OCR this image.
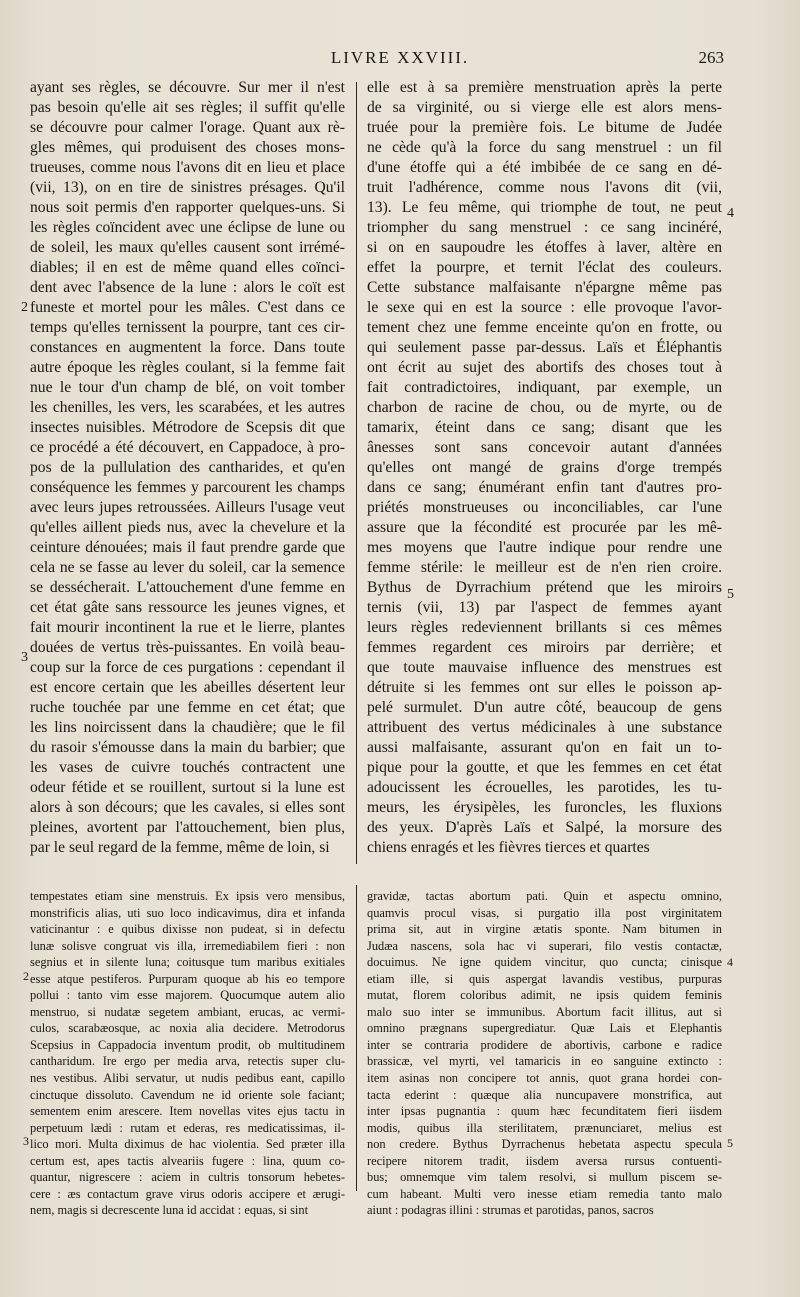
LIVRE XXVIII.	263
ayant ses règles, se découvre. Sur mer il n'est
pas besoin qu'elle ait ses règles; il suffit qu'elle
se découvre pour calmer l'orage. Quant aux rè-
gles mêmes, qui produisent des choses mons-
trueuses, comme nous l'avons dit en lieu et place
(vii, 13), on en tire de sinistres présages. Qu'il
nous soit permis d'en rapporter quelques-uns. Si
les règles coïncident avec une éclipse de lune ou
de soleil, les maux qu'elles causent sont irrémé-
diables; il en est de même quand elles coïnci-
dent avec l'absence de la lune : alors le coït est
funeste et mortel pour les mâles. C'est dans ce
temps qu'elles ternissent la pourpre, tant ces cir-
constances en augmentent la force. Dans toute
autre époque les règles coulant, si la femme fait
nue le tour d'un champ de blé, on voit tomber
les chenilles, les vers, les scarabées, et les autres
insectes nuisibles. Métrodore de Scepsis dit que
ce procédé a été découvert, en Cappadoce, à pro-
pos de la pullulation des cantharides, et qu'en
conséquence les femmes y parcourent les champs
avec leurs jupes retroussées. Ailleurs l'usage veut
qu'elles aillent pieds nus, avec la chevelure et la
ceinture dénouées; mais il faut prendre garde que
cela ne se fasse au lever du soleil, car la semence
se dessécherait. L'attouchement d'une femme en
cet état gâte sans ressource les jeunes vignes, et
fait mourir incontinent la rue et le lierre, plantes
douées de vertus très-puissantes. En voilà beau-
coup sur la force de ces purgations : cependant il
est encore certain que les abeilles désertent leur
ruche touchée par une femme en cet état; que
les lins noircissent dans la chaudière; que le fil
du rasoir s'émousse dans la main du barbier; que
les vases de cuivre touchés contractent une
odeur fétide et se rouillent, surtout si la lune est
alors à son décours; que les cavales, si elles sont
pleines, avortent par l'attouchement, bien plus,
par le seul regard de la femme, même de loin, si
elle est à sa première menstruation après la perte
de sa virginité, ou si vierge elle est alors mens-
truée pour la première fois. Le bitume de Judée
ne cède qu'à la force du sang menstruel : un fil
d'une étoffe qui a été imbibée de ce sang en dé-
truit l'adhérence, comme nous l'avons dit (vii,
13). Le feu même, qui triomphe de tout, ne peut
triompher du sang menstruel : ce sang incinéré,
si on en saupoudre les étoffes à laver, altère en
effet la pourpre, et ternit l'éclat des couleurs.
Cette substance malfaisante n'épargne même pas
le sexe qui en est la source : elle provoque l'avor-
tement chez une femme enceinte qu'on en frotte, ou
qui seulement passe par-dessus. Laïs et Éléphantis
ont écrit au sujet des abortifs des choses tout à
fait contradictoires, indiquant, par exemple, un
charbon de racine de chou, ou de myrte, ou de
tamarix, éteint dans ce sang; disant que les
ânesses sont sans concevoir autant d'années
qu'elles ont mangé de grains d'orge trempés
dans ce sang; énumérant enfin tant d'autres pro-
priétés monstrueuses ou inconciliables, car l'une
assure que la fécondité est procurée par les mê-
mes moyens que l'autre indique pour rendre une
femme stérile: le meilleur est de n'en rien croire.
Bythus de Dyrrachium prétend que les miroirs
ternis (vii, 13) par l'aspect de femmes ayant
leurs règles redeviennent brillants si ces mêmes
femmes regardent ces miroirs par derrière; et
que toute mauvaise influence des menstrues est
détruite si les femmes ont sur elles le poisson ap-
pelé surmulet. D'un autre côté, beaucoup de gens
attribuent des vertus médicinales à une substance
aussi malfaisante, assurant qu'on en fait un to-
pique pour la goutte, et que les femmes en cet état
adoucissent les écrouelles, les parotides, les tu-
meurs, les érysipèles, les furoncles, les fluxions
des yeux. D'après Laïs et Salpé, la morsure des
chiens enragés et les fièvres tierces et quartes
tempestates etiam sine menstruis. Ex ipsis vero mensibus,
monstrificis alias, uti suo loco indicavimus, dira et infanda
vaticinantur : e quibus dixisse non pudeat, si in defectu
lunæ solisve congruat vis illa, irremediabilem fieri : non
segnius et in silente luna; coitusque tum maribus exitiales
esse atque pestiferos. Purpuram quoque ab his eo tempore
pollui : tanto vim esse majorem. Quocumque autem alio
menstruo, si nudatæ segetem ambiant, erucas, ac vermi-
culos, scarabæosque, ac noxia alia decidere. Metrodorus
Scepsius in Cappadocia inventum prodit, ob multitudinem
cantharidum. Ire ergo per media arva, retectis super clu-
nes vestibus. Alibi servatur, ut nudis pedibus eant, capillo
cinctuque dissoluto. Cavendum ne id oriente sole faciant;
sementem enim arescere. Item novellas vites ejus tactu in
perpetuum lædi : rutam et ederas, res medicatissimas, il-
lico mori. Multa diximus de hac violentia. Sed præter illa
certum est, apes tactis alveariis fugere : lina, quum co-
quantur, nigrescere : aciem in cultris tonsorum hebetes-
cere : æs contactum grave virus odoris accipere et ærugi-
nem, magis si decrescente luna id accidat : equas, si sint
gravidæ, tactas abortum pati. Quin et aspectu omnino,
quamvis procul visas, si purgatio illa post virginitatem
prima sit, aut in virgine ætatis sponte. Nam bitumen in
Judæa nascens, sola hac vi superari, filo vestis contactæ,
docuimus. Ne igne quidem vincitur, quo cuncta; cinisque
etiam ille, si quis aspergat lavandis vestibus, purpuras
mutat, florem coloribus adimit, ne ipsis quidem feminis
malo suo inter se immunibus. Abortum facit illitus, aut si
omnino prægnans supergrediatur. Quæ Lais et Elephantis
inter se contraria prodidere de abortivis, carbone e radice
brassicæ, vel myrti, vel tamaricis in eo sanguine extincto :
item asinas non concipere tot annis, quot grana hordei con-
tacta ederint : quæque alia nuncupavere monstrifica, aut
inter ipsas pugnantia : quum hæc fecunditatem fieri iisdem
modis, quibus illa sterilitatem, prænunciaret, melius est
non credere. Bythus Dyrrachenus hebetata aspectu specula
recipere nitorem tradit, iisdem aversa rursus contuenti-
bus; omnemque vim talem resolvi, si mullum piscem se-
cum habeant. Multi vero inesse etiam remedia tanto malo
aiunt : podagras illini : strumas et parotidas, panos, sacros
2
3
4
5
2
3
4
5
